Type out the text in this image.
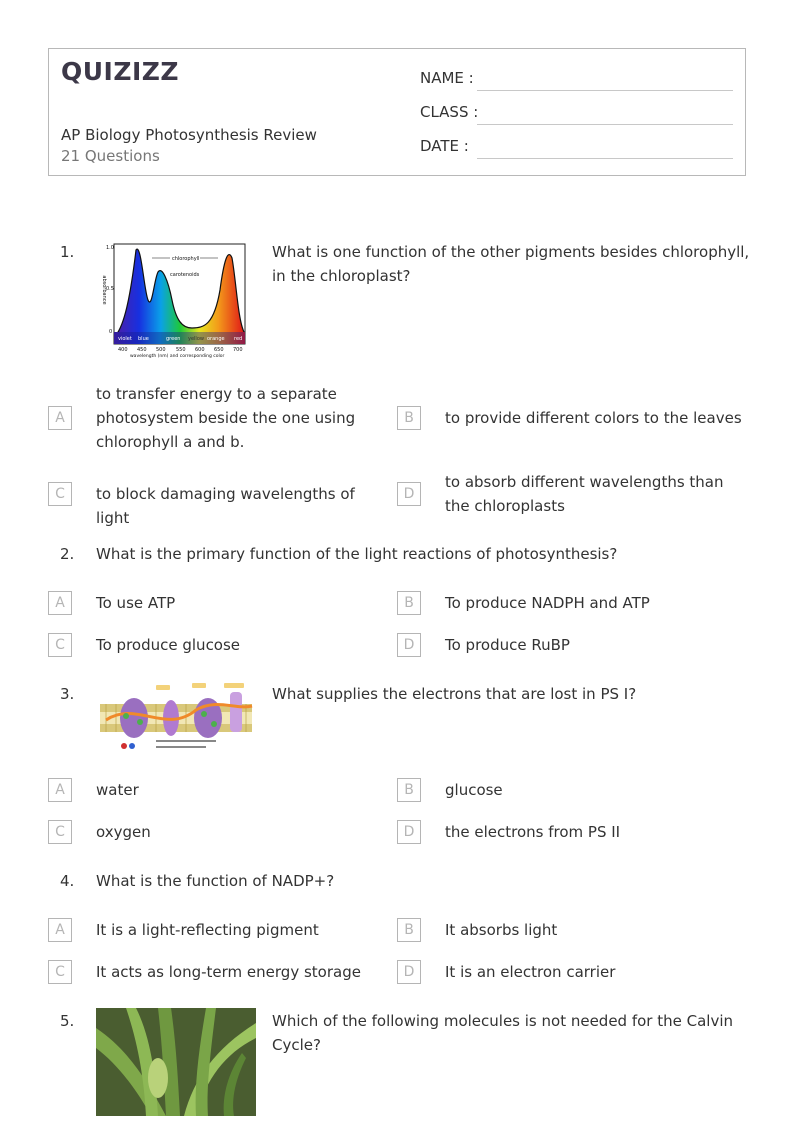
QUIZIZZ
AP Biology Photosynthesis Review
21 Questions
NAME :
CLASS :
DATE :
1.
violet blue	green yellow orange red
chlorophyll
carotenoids
1.0
0.5
0
absorbance
400 450 500 550 600 650 700
wavelength (nm) and corresponding color
What is one function of the other pigments besides chlorophyll, in the chloroplast?
A
to transfer energy to a separate photosystem beside the one using chlorophyll a and b.
B	to provide different colors to the leaves
C	to block damaging wavelengths of light
D
to absorb different wavelengths than the chloroplasts
2. What is the primary function of the light reactions of photosynthesis?
A	To use ATP	B	To produce NADPH and ATP
C	To produce glucose	D	To produce RuBP
3.	What supplies the electrons that are lost in PS I?
A	water	B	glucose
C	oxygen	D	the electrons from PS II
4. What is the function of NADP+?
A	It is a light-reflecting pigment	B	It absorbs light
C	It acts as long-term energy storage	D	It is an electron carrier
5.	Which of the following molecules is not needed for the Calvin Cycle?
